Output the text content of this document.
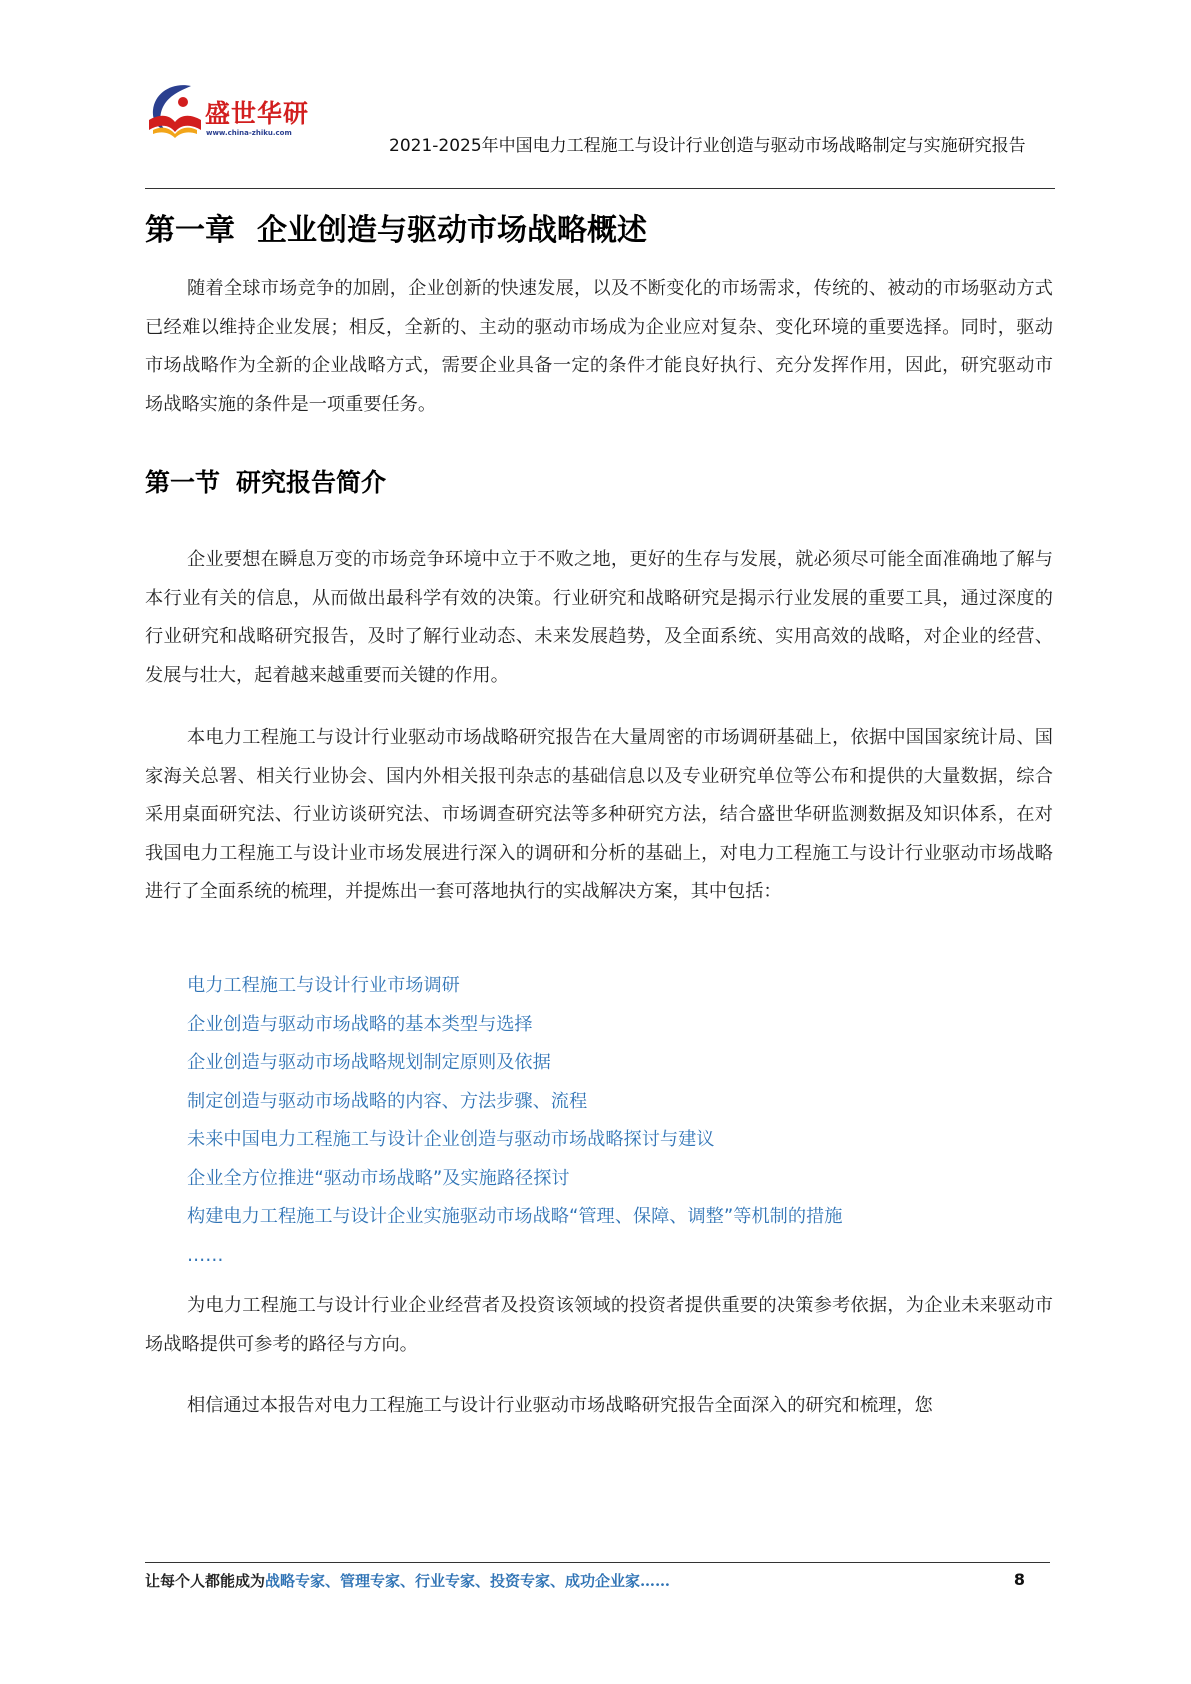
盛世华研
www.china-zhiku.com
2021-2025年中国电力工程施工与设计行业创造与驱动市场战略制定与实施研究报告
第一章 企业创造与驱动市场战略概述

随着全球市场竞争的加剧，企业创新的快速发展，以及不断变化的市场需求，传统的、被动的市场驱动方式已经难以维持企业发展；相反，全新的、主动的驱动市场成为企业应对复杂、变化环境的重要选择。同时，驱动市场战略作为全新的企业战略方式，需要企业具备一定的条件才能良好执行、充分发挥作用，因此，研究驱动市场战略实施的条件是一项重要任务。

第一节 研究报告简介

企业要想在瞬息万变的市场竞争环境中立于不败之地，更好的生存与发展，就必须尽可能全面准确地了解与本行业有关的信息，从而做出最科学有效的决策。行业研究和战略研究是揭示行业发展的重要工具，通过深度的行业研究和战略研究报告，及时了解行业动态、未来发展趋势，及全面系统、实用高效的战略，对企业的经营、发展与壮大，起着越来越重要而关键的作用。

本电力工程施工与设计行业驱动市场战略研究报告在大量周密的市场调研基础上，依据中国国家统计局、国家海关总署、相关行业协会、国内外相关报刊杂志的基础信息以及专业研究单位等公布和提供的大量数据，综合采用桌面研究法、行业访谈研究法、市场调查研究法等多种研究方法，结合盛世华研监测数据及知识体系，在对我国电力工程施工与设计业市场发展进行深入的调研和分析的基础上，对电力工程施工与设计行业驱动市场战略进行了全面系统的梳理，并提炼出一套可落地执行的实战解决方案，其中包括：

电力工程施工与设计行业市场调研
企业创造与驱动市场战略的基本类型与选择
企业创造与驱动市场战略规划制定原则及依据
制定创造与驱动市场战略的内容、方法步骤、流程
未来中国电力工程施工与设计企业创造与驱动市场战略探讨与建议
企业全方位推进“驱动市场战略”及实施路径探讨
构建电力工程施工与设计企业实施驱动市场战略“管理、保障、调整”等机制的措施
……

为电力工程施工与设计行业企业经营者及投资该领域的投资者提供重要的决策参考依据，为企业未来驱动市场战略提供可参考的路径与方向。

相信通过本报告对电力工程施工与设计行业驱动市场战略研究报告全面深入的研究和梳理，您

让每个人都能成为战略专家、管理专家、行业专家、投资专家、成功企业家……	8
